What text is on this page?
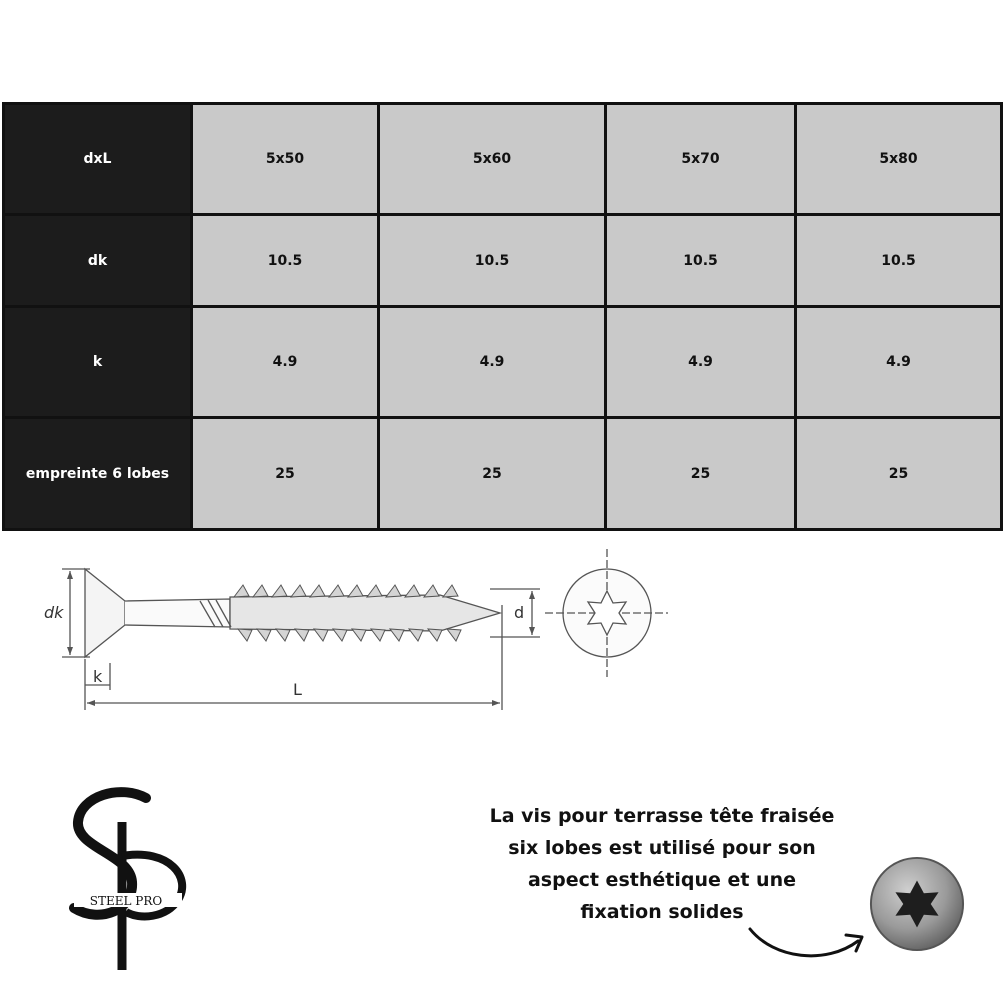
dxL	5x50	5x60	5x70	5x80
dk	10.5	10.5	10.5	10.5
k	4.9	4.9	4.9	4.9
empreinte 6 lobes	25	25	25	25
dk
k
L
d
STEEL PRO
La vis pour terrasse tête fraisée
six lobes est utilisé pour son
aspect esthétique et une
fixation solides
